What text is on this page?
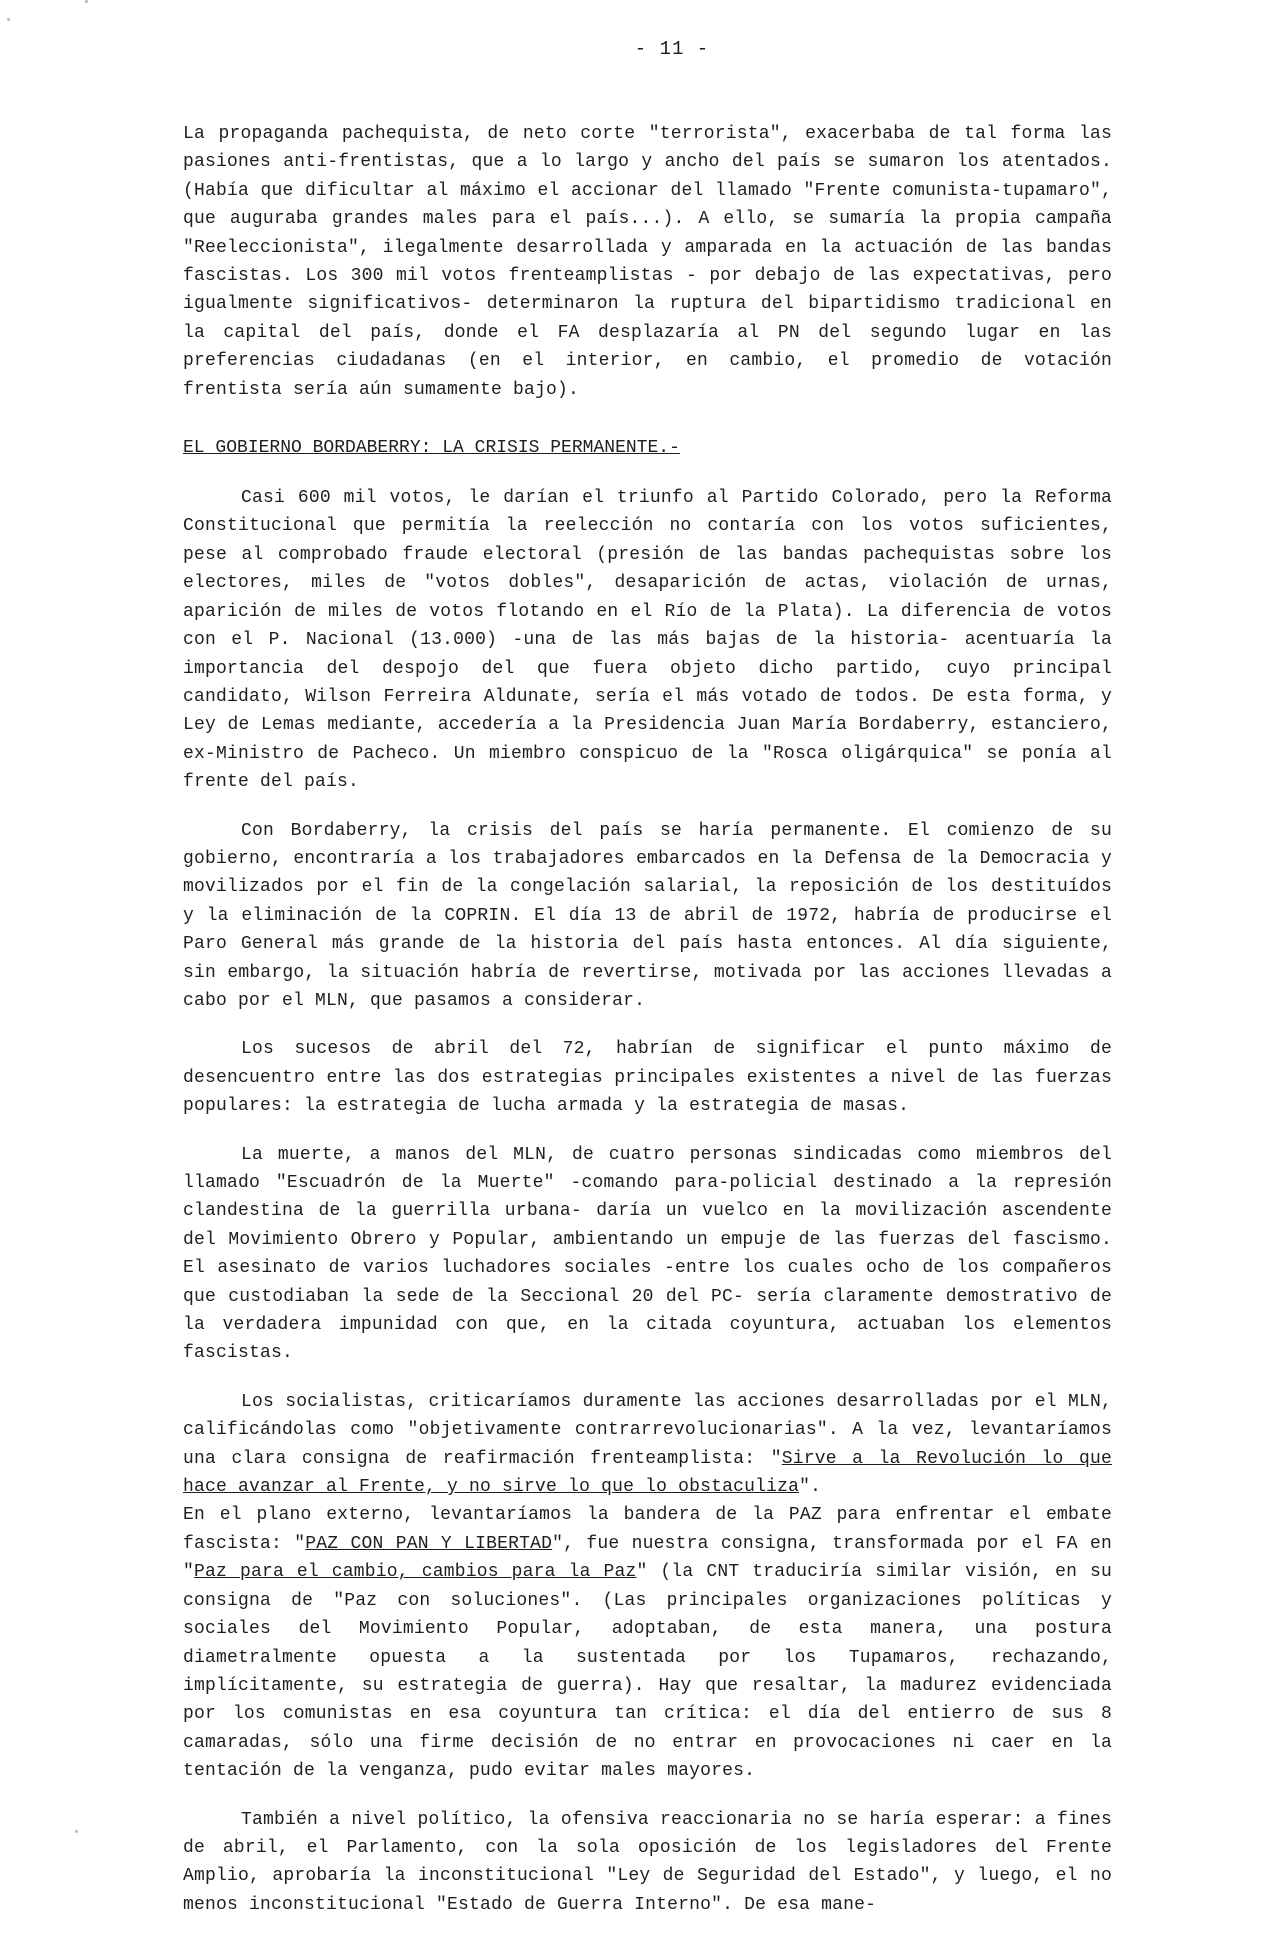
- 11 -

La propaganda pachequista, de neto corte "terrorista", exacerbaba de tal forma las pasiones anti-frentistas, que a lo largo y ancho del país se sumaron los atentados. (Había que dificultar al máximo el accionar del llamado "Frente comunista-tupamaro", que auguraba grandes males para el país...). A ello, se sumaría la propia campaña "Reeleccionista", ilegalmente desarrollada y amparada en la actuación de las bandas fascistas. Los 300 mil votos frenteamplistas - por debajo de las expectativas, pero igualmente significativos- determinaron la ruptura del bipartidismo tradicional en la capital del país, donde el FA desplazaría al PN del segundo lugar en las preferencias ciudadanas (en el interior, en cambio, el promedio de votación frentista sería aún sumamente bajo).

EL GOBIERNO BORDABERRY: LA CRISIS PERMANENTE.-

Casi 600 mil votos, le darían el triunfo al Partido Colorado, pero la Reforma Constitucional que permitía la reelección no contaría con los votos suficientes, pese al comprobado fraude electoral (presión de las bandas pachequistas sobre los electores, miles de "votos dobles", desaparición de actas, violación de urnas, aparición de miles de votos flotando en el Río de la Plata). La diferencia de votos con el P. Nacional (13.000) -una de las más bajas de la historia- acentuaría la importancia del despojo del que fuera objeto dicho partido, cuyo principal candidato, Wilson Ferreira Aldunate, sería el más votado de todos. De esta forma, y Ley de Lemas mediante, accedería a la Presidencia Juan María Bordaberry, estanciero, ex-Ministro de Pacheco. Un miembro conspicuo de la "Rosca oligárquica" se ponía al frente del país.

Con Bordaberry, la crisis del país se haría permanente. El comienzo de su gobierno, encontraría a los trabajadores embarcados en la Defensa de la Democracia y movilizados por el fin de la congelación salarial, la reposición de los destituídos y la eliminación de la COPRIN. El día 13 de abril de 1972, habría de producirse el Paro General más grande de la historia del país hasta entonces. Al día siguiente, sin embargo, la situación habría de revertirse, motivada por las acciones llevadas a cabo por el MLN, que pasamos a considerar.

Los sucesos de abril del 72, habrían de significar el punto máximo de desencuentro entre las dos estrategias principales existentes a nivel de las fuerzas populares: la estrategia de lucha armada y la estrategia de masas.

La muerte, a manos del MLN, de cuatro personas sindicadas como miembros del llamado "Escuadrón de la Muerte" -comando para-policial destinado a la represión clandestina de la guerrilla urbana- daría un vuelco en la movilización ascendente del Movimiento Obrero y Popular, ambientando un empuje de las fuerzas del fascismo. El asesinato de varios luchadores sociales -entre los cuales ocho de los compañeros que custodiaban la sede de la Seccional 20 del PC- sería claramente demostrativo de la verdadera impunidad con que, en la citada coyuntura, actuaban los elementos fascistas.

Los socialistas, criticaríamos duramente las acciones desarrolladas por el MLN, calificándolas como "objetivamente contrarrevolucionarias". A la vez, levantaríamos una clara consigna de reafirmación frenteamplista: "Sirve a la Revolución lo que hace avanzar al Frente, y no sirve lo que lo obstaculiza".

En el plano externo, levantaríamos la bandera de la PAZ para enfrentar el embate fascista: "PAZ CON PAN Y LIBERTAD", fue nuestra consigna, transformada por el FA en "Paz para el cambio, cambios para la Paz" (la CNT traduciría similar visión, en su consigna de "Paz con soluciones". (Las principales organizaciones políticas y sociales del Movimiento Popular, adoptaban, de esta manera, una postura diametralmente opuesta a la sustentada por los Tupamaros, rechazando, implícitamente, su estrategia de guerra). Hay que resaltar, la madurez evidenciada por los comunistas en esa coyuntura tan crítica: el día del entierro de sus 8 camaradas, sólo una firme decisión de no entrar en provocaciones ni caer en la tentación de la venganza, pudo evitar males mayores.

También a nivel político, la ofensiva reaccionaria no se haría esperar: a fines de abril, el Parlamento, con la sola oposición de los legisladores del Frente Amplio, aprobaría la inconstitucional "Ley de Seguridad del Estado", y luego, el no menos inconstitucional "Estado de Guerra Interno". De esa mane-
